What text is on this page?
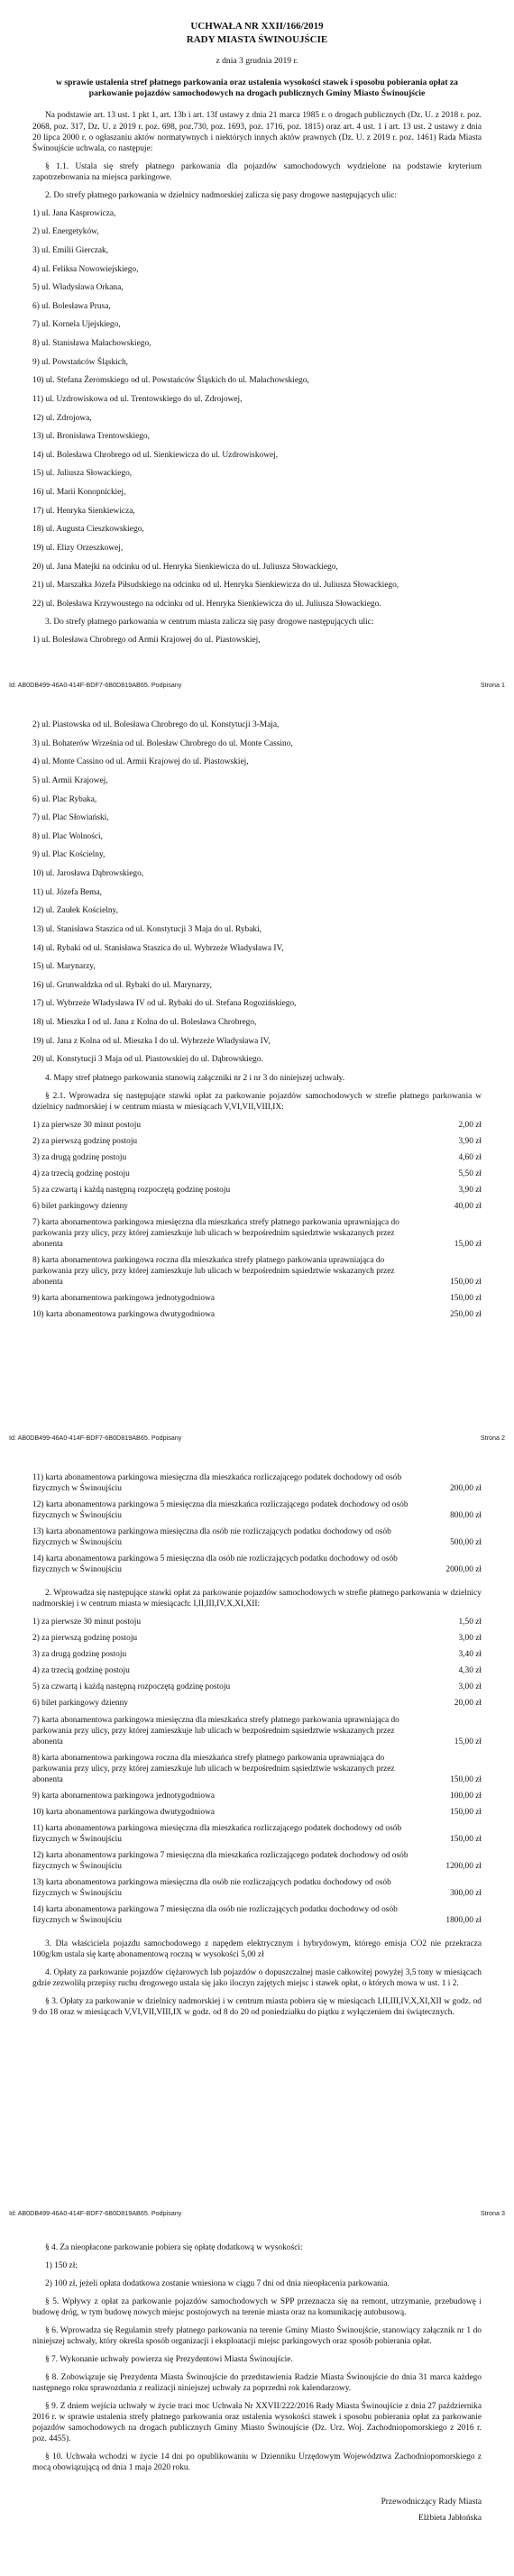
UCHWAŁA NR XXII/166/2019
RADY MIASTA ŚWINOUJŚCIE
z dnia 3 grudnia 2019 r.
w sprawie ustalenia stref płatnego parkowania oraz ustalenia wysokości stawek i sposobu pobierania opłat za parkowanie pojazdów samochodowych na drogach publicznych Gminy Miasto Świnoujście

Na podstawie art. 13 ust. 1 pkt 1, art. 13b i art. 13f ustawy z dnia 21 marca 1985 r. o drogach publicznych (Dz. U. z 2018 r. poz. 2068, poz. 317, Dz. U. z 2019 r. poz. 698, poz.730, poz. 1693, poz. 1716, poz. 1815) oraz art. 4 ust. 1 i art. 13 ust. 2 ustawy z dnia 20 lipca 2000 r. o ogłaszaniu aktów normatywnych i niektórych innych aktów prawnych (Dz. U. z 2019 r. poz. 1461) Rada Miasta Świnoujście uchwala, co następuje:

§ 1.1. Ustala się strefy płatnego parkowania dla pojazdów samochodowych wydzielone na podstawie kryterium zapotrzebowania na miejsca parkingowe.

2. Do strefy płatnego parkowania w dzielnicy nadmorskiej zalicza się pasy drogowe następujących ulic:

1) ul. Jana Kasprowicza,
2) ul. Energetyków,
3) ul. Emilii Gierczak,
4) ul. Feliksa Nowowiejskiego,
5) ul. Władysława Orkana,
6) ul. Bolesława Prusa,
7) ul. Kornela Ujejskiego,
8) ul. Stanisława Małachowskiego,
9) ul. Powstańców Śląskich,
10) ul. Stefana Żeromskiego od ul. Powstańców Śląskich do ul. Małachowskiego,
11) ul. Uzdrowiskowa od ul. Trentowskiego do ul. Zdrojowej,
12) ul. Zdrojowa,
13) ul. Bronisława Trentowskiego,
14) ul. Bolesława Chrobrego od ul. Sienkiewicza do ul. Uzdrowiskowej,
15) ul. Juliusza Słowackiego,
16) ul. Marii Konopnickiej,
17) ul. Henryka Sienkiewicza,
18) ul. Augusta Cieszkowskiego,
19) ul. Elizy Orzeszkowej,
20) ul. Jana Matejki na odcinku od ul. Henryka Sienkiewicza do ul. Juliusza Słowackiego,
21) ul. Marszałka Józefa Piłsudskiego na odcinku od ul. Henryka Sienkiewicza do ul. Juliusza Słowackiego,
22) ul. Bolesława Krzywoustego na odcinku od ul. Henryka Sienkiewicza do ul. Juliusza Słowackiego.

3. Do strefy płatnego parkowania w centrum miasta zalicza się pasy drogowe następujących ulic:

1) ul. Bolesława Chrobrego od Armii Krajowej do ul. Piastowskiej,
Id: AB0DB499-46A0-414F-BDF7-6B0D819AB65. Podpisany	Strona 1
2) ul. Piastowska od ul. Bolesława Chrobrego do ul. Konstytucji 3-Maja,
3) ul. Bohaterów Września od ul. Bolesław Chrobrego do ul. Monte Cassino,
4) ul. Monte Cassino od ul. Armii Krajowej do ul. Piastowskiej,
5) ul. Armii Krajowej,
6) ul. Plac Rybaka,
7) ul. Plac Słowiański,
8) ul. Plac Wolności,
9) ul. Plac Kościelny,
10) ul. Jarosława Dąbrowskiego,
11) ul. Józefa Bema,
12) ul. Zaułek Kościelny,
13) ul. Stanisława Staszica od ul. Konstytucji 3 Maja do ul. Rybaki,
14) ul. Rybaki od ul. Stanisława Staszica do ul. Wybrzeże Władysława IV,
15) ul. Marynarzy,
16) ul. Grunwaldzka od ul. Rybaki do ul. Marynarzy,
17) ul. Wybrzeże Władysława IV od ul. Rybaki do ul. Stefana Rogozińskiego,
18) ul. Mieszka I od ul. Jana z Kolna do ul. Bolesława Chrobrego,
19) ul. Jana z Kolna od ul. Mieszka I do ul. Wybrzeże Władysława IV,
20) ul. Konstytucji 3 Maja od ul. Piastowskiej do ul. Dąbrowskiego.

4. Mapy stref płatnego parkowania stanowią załączniki nr 2 i nr 3 do niniejszej uchwały.

§ 2.1. Wprowadza się następujące stawki opłat za parkowanie pojazdów samochodowych w strefie płatnego parkowania w dzielnicy nadmorskiej i w centrum miasta w miesiącach V,VI,VII,VIII,IX:

1) za pierwsze 30 minut postoju	2,00 zł
2) za pierwszą godzinę postoju	3,90 zł
3) za drugą godzinę postoju	4,60 zł
4) za trzecią godzinę postoju	5,50 zł
5) za czwartą i każdą następną rozpoczętą godzinę postoju	3,90 zł
6) bilet parkingowy dzienny	40,00 zł
7) karta abonamentowa parkingowa miesięczna dla mieszkańca strefy płatnego parkowania uprawniająca do parkowania przy ulicy, przy której zamieszkuje lub ulicach w bezpośrednim sąsiedztwie wskazanych przez abonenta	15,00 zł
8) karta abonamentowa parkingowa roczna dla mieszkańca strefy płatnego parkowania uprawniająca do parkowania przy ulicy, przy której zamieszkuje lub ulicach w bezpośrednim sąsiedztwie wskazanych przez abonenta	150,00 zł
9) karta abonamentowa parkingowa jednotygodniowa	150,00 zł
10) karta abonamentowa parkingowa dwutygodniowa	250,00 zł
Id: AB0DB499-46A0-414F-BDF7-6B0D819AB65. Podpisany	Strona 2
11) karta abonamentowa parkingowa miesięczna dla mieszkańca rozliczającego podatek dochodowy od osób fizycznych w Świnoujściu	200,00 zł
12) karta abonamentowa parkingowa 5 miesięczna dla mieszkańca rozliczającego podatek dochodowy od osób fizycznych w Świnoujściu	800,00 zł
13) karta abonamentowa parkingowa miesięczna dla osób nie rozliczających podatku dochodowy od osób fizycznych w Świnoujściu	500,00 zł
14) karta abonamentowa parkingowa 5 miesięczna dla osób nie rozliczających podatku dochodowy od osób fizycznych w Świnoujściu	2000,00 zł

2. Wprowadza się następujące stawki opłat za parkowanie pojazdów samochodowych w strefie płatnego parkowania w dzielnicy nadmorskiej i w centrum miasta w miesiącach: I,II,III,IV,X,XI,XII:

1) za pierwsze 30 minut postoju	1,50 zł
2) za pierwszą godzinę postoju	3,00 zł
3) za drugą godzinę postoju	3,40 zł
4) za trzecią godzinę postoju	4,30 zł
5) za czwartą i każdą następną rozpoczętą godzinę postoju	3,00 zł
6) bilet parkingowy dzienny	20,00 zł
7) karta abonamentowa parkingowa miesięczna dla mieszkańca strefy płatnego parkowania uprawniająca do parkowania przy ulicy, przy której zamieszkuje lub ulicach w bezpośrednim sąsiedztwie wskazanych przez abonenta	15,00 zł
8) karta abonamentowa parkingowa roczna dla mieszkańca strefy płatnego parkowania uprawniająca do parkowania przy ulicy, przy której zamieszkuje lub ulicach w bezpośrednim sąsiedztwie wskazanych przez abonenta	150,00 zł
9) karta abonamentowa parkingowa jednotygodniowa	100,00 zł
10) karta abonamentowa parkingowa dwutygodniowa	150,00 zł
11) karta abonamentowa parkingowa miesięczna dla mieszkańca rozliczającego podatek dochodowy od osób fizycznych w Świnoujściu	150,00 zł
12) karta abonamentowa parkingowa 7 miesięczna dla mieszkańca rozliczającego podatek dochodowy od osób fizycznych w Świnoujściu	1200,00 zł
13) karta abonamentowa parkingowa miesięczna dla osób nie rozliczających podatku dochodowy od osób fizycznych w Świnoujściu	300,00 zł
14) karta abonamentowa parkingowa 7 miesięczna dla osób nie rozliczających podatku dochodowy od osób fizycznych w Świnoujściu	1800,00 zł

3. Dla właściciela pojazdu samochodowego z napędem elektrycznym i hybrydowym, którego emisja CO2 nie przekracza 100g/km ustala się kartę abonamentową roczną w wysokości 5,00 zł

4. Opłaty za parkowanie pojazdów ciężarowych lub pojazdów o dopuszczalnej masie całkowitej powyżej 3,5 tony w miesiącach gdzie zezwoliłą przepisy ruchu drogowego ustala się jako iloczyn zajętych miejsc i stawek opłat, o których mowa w ust. 1 i 2.

§ 3. Opłaty za parkowanie w dzielnicy nadmorskiej i w centrum miasta pobiera się w miesiącach I,II,III,IV,X,XI,XII w godz. od 9 do 18 oraz w miesiącach V,VI,VII,VIII,IX w godz. od 8 do 20 od poniedziałku do piątku z wyłączeniem dni świątecznych.

Id: AB0DB499-46A0-414F-BDF7-6B0D819AB65. Podpisany	Strona 3

§ 4. Za nieopłacone parkowanie pobiera się opłatę dodatkową w wysokości:

1) 150 zł;

2) 100 zł, jeżeli opłata dodatkowa zostanie wniesiona w ciągu 7 dni od dnia nieopłacenia parkowania.

§ 5. Wpływy z opłat za parkowanie pojazdów samochodowych w SPP przeznacza się na remont, utrzymanie, przebudowę i budowę dróg, w tym budowę nowych miejsc postojowych na terenie miasta oraz na komunikację autobusową.

§ 6. Wprowadza się Regulamin strefy płatnego parkowania na terenie Gminy Miasto Świnoujście, stanowiący załącznik nr 1 do niniejszej uchwały, który określa sposób organizacji i eksploatacji miejsc parkingowych oraz sposób pobierania opłat.

§ 7. Wykonanie uchwały powierza się Prezydentowi Miasta Świnoujście.

§ 8. Zobowiązuje się Prezydenta Miasta Świnoujście do przedstawienia Radzie Miasta Świnoujście do dnia 31 marca każdego następnego roku sprawozdania z realizacji niniejszej uchwały za poprzedni rok kalendarzowy.

§ 9. Z dniem wejścia uchwały w życie traci moc Uchwała Nr XXVII/222/2016 Rady Miasta Świnoujście z dnia 27 października 2016 r. w sprawie ustalenia strefy płatnego parkowania oraz ustalenia wysokości stawek i sposobu pobierania opłat za parkowanie pojazdów samochodowych na drogach publicznych Gminy Miasto Świnoujście (Dz. Urz. Woj. Zachodniopomorskiego z 2016 r. poz. 4455).

§ 10. Uchwała wchodzi w życie 14 dni po opublikowaniu w Dzienniku Urzędowym Województwa Zachodniopomorskiego z mocą obowiązującą od dnia 1 maja 2020 roku.

Przewodniczący Rady Miasta
Elżbieta Jabłońska
